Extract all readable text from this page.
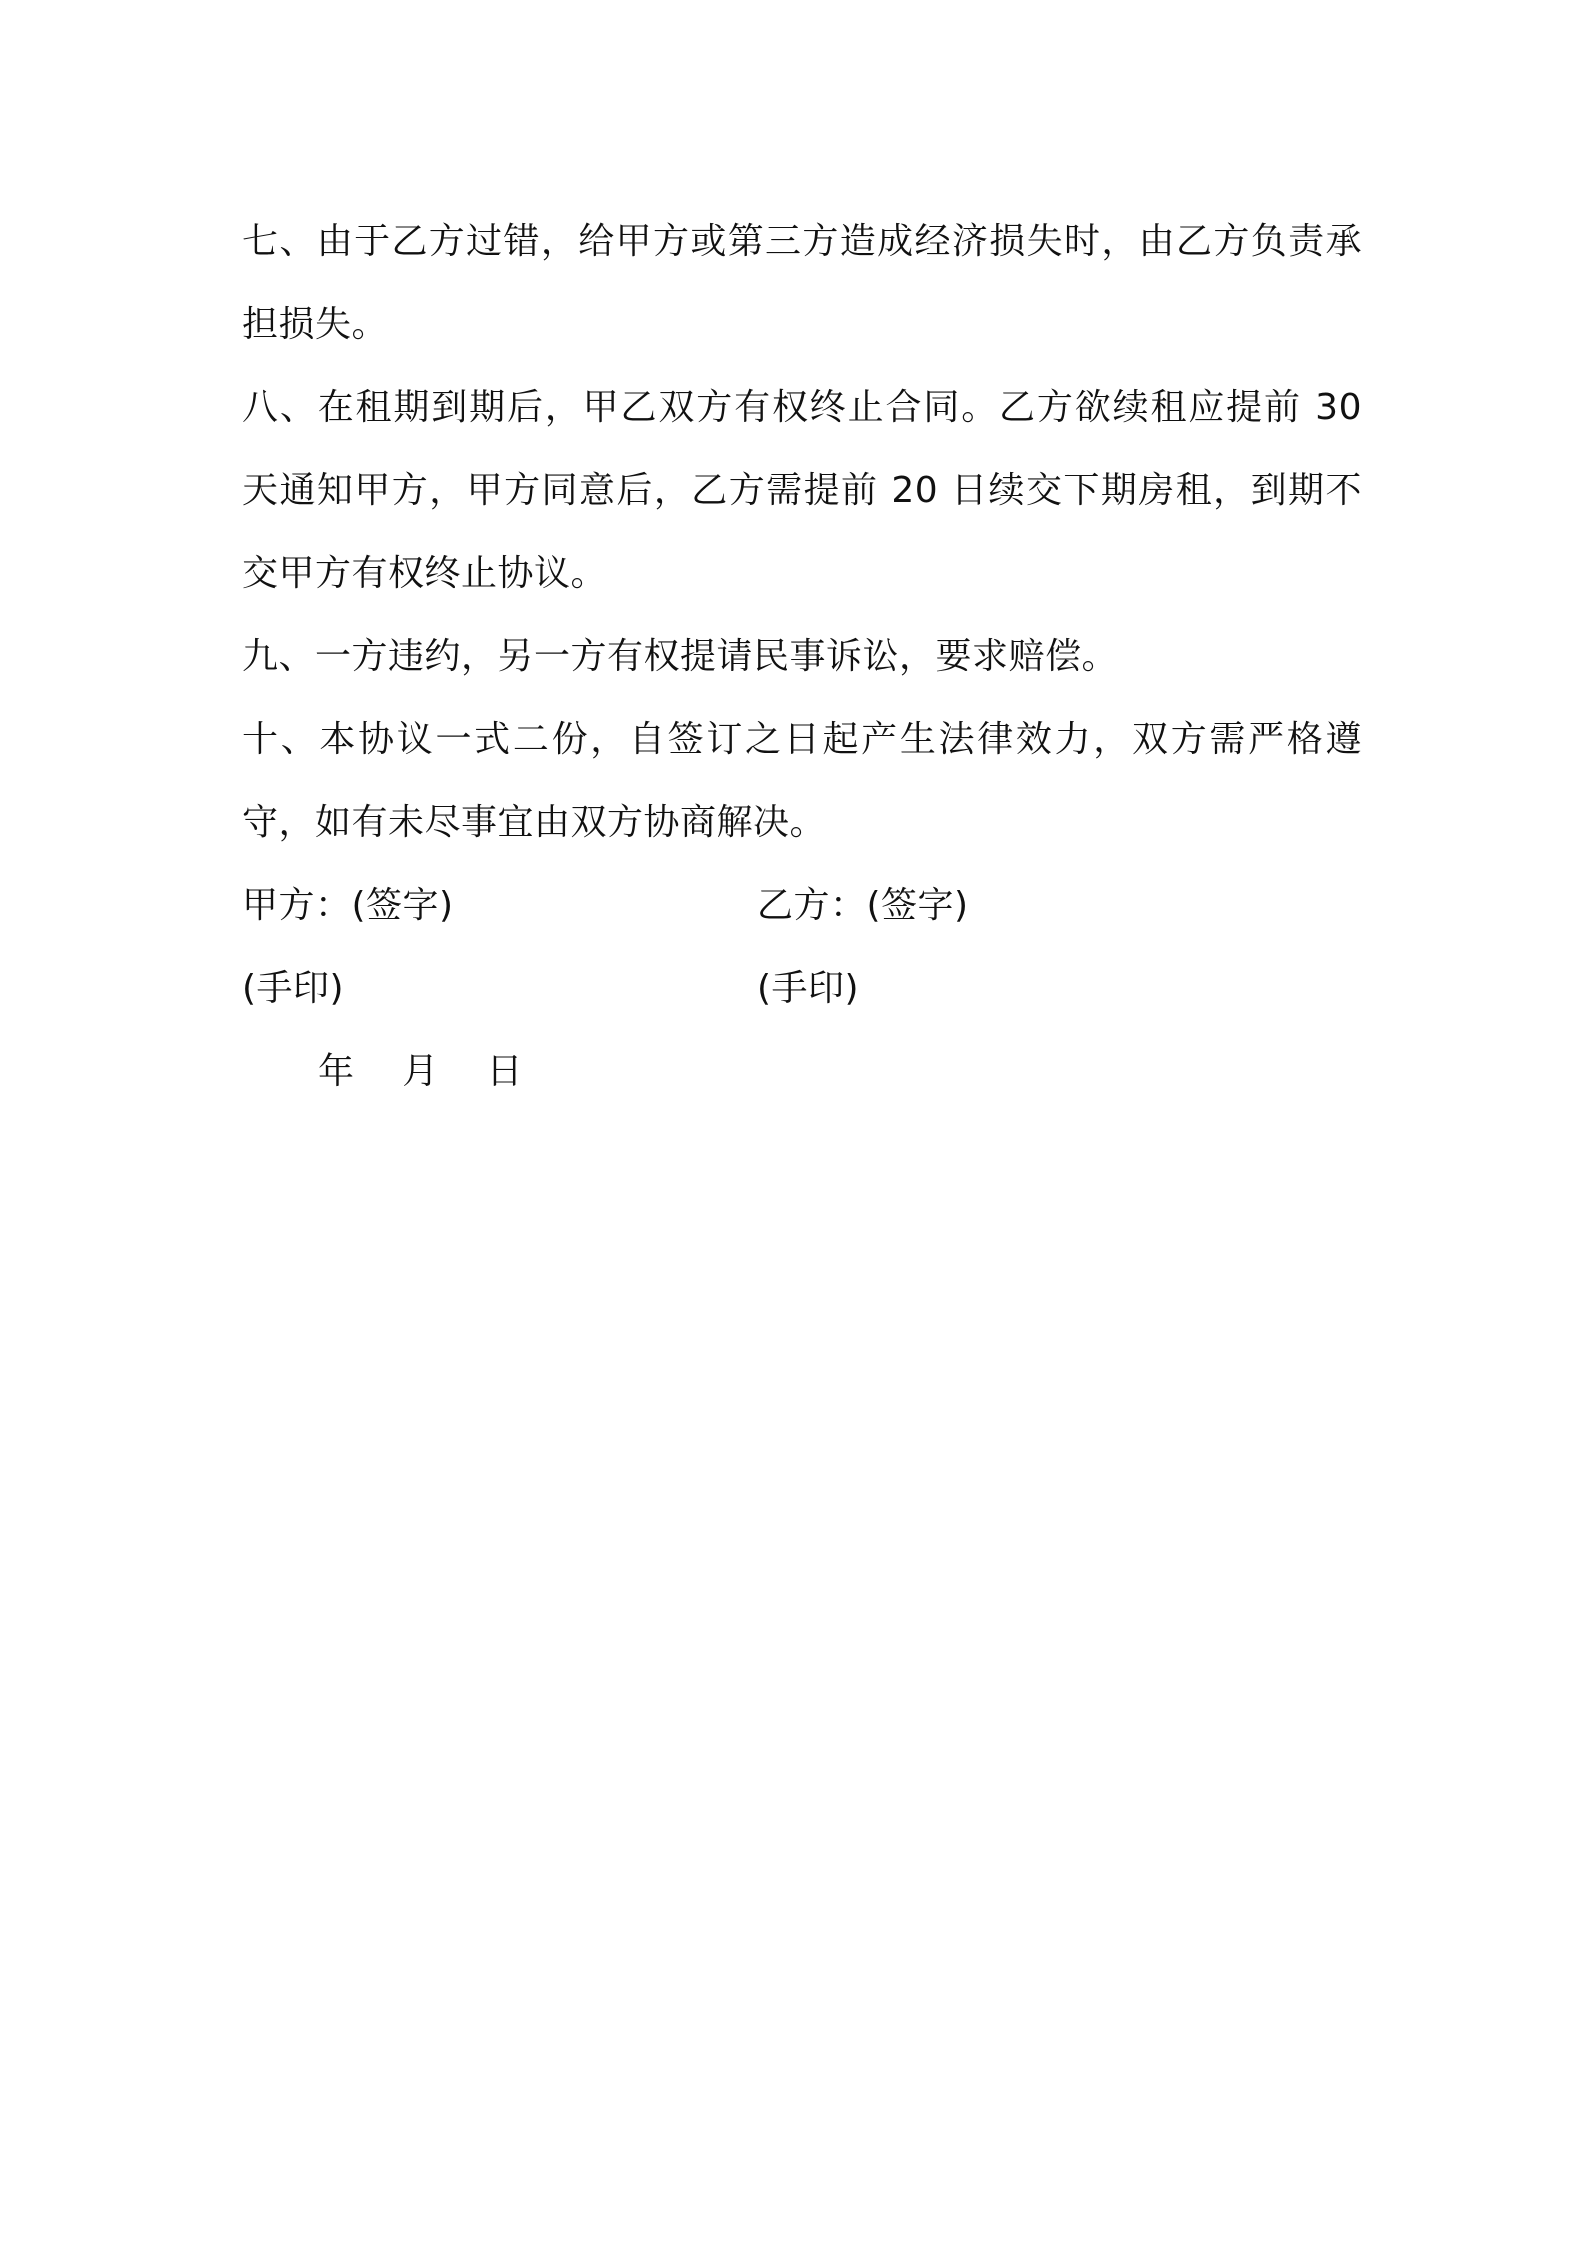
七、由于乙方过错，给甲方或第三方造成经济损失时，由乙方负责承担损失。

八、在租期到期后，甲乙双方有权终止合同。乙方欲续租应提前 30 天通知甲方，甲方同意后，乙方需提前 20 日续交下期房租，到期不交甲方有权终止协议。

九、一方违约，另一方有权提请民事诉讼，要求赔偿。

十、本协议一式二份，自签订之日起产生法律效力，双方需严格遵守，如有未尽事宜由双方协商解决。

甲方：(签字)	乙方：(签字)
(手印)	(手印)
年    月    日
